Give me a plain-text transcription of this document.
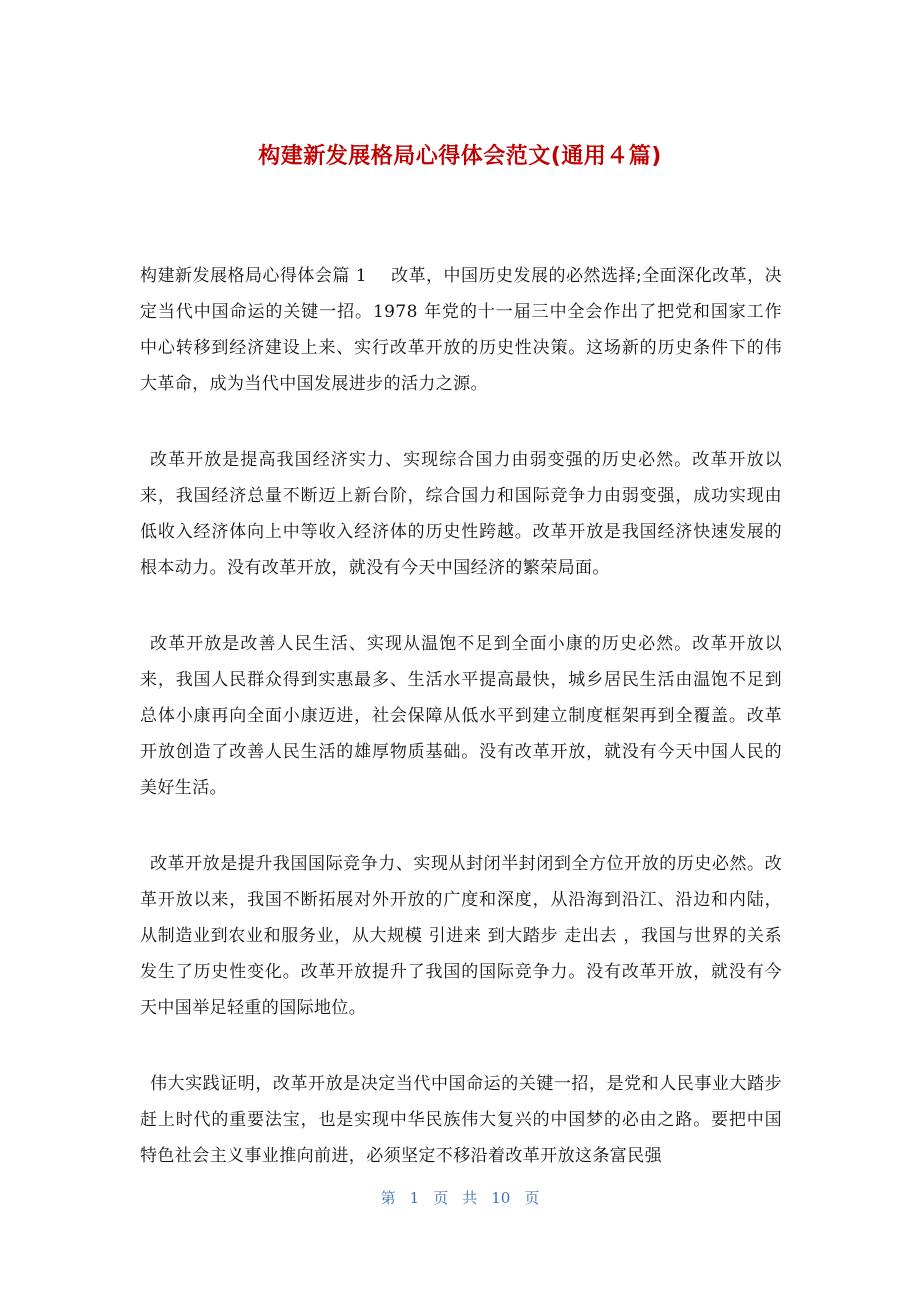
构建新发展格局心得体会范文(通用４篇)

构建新发展格局心得体会篇 1 改革，中国历史发展的必然选择;全面深化改革，决定当代中国命运的关键一招。1978 年党的十一届三中全会作出了把党和国家工作中心转移到经济建设上来、实行改革开放的历史性决策。这场新的历史条件下的伟大革命，成为当代中国发展进步的活力之源。

改革开放是提高我国经济实力、实现综合国力由弱变强的历史必然。改革开放以来，我国经济总量不断迈上新台阶，综合国力和国际竞争力由弱变强，成功实现由低收入经济体向上中等收入经济体的历史性跨越。改革开放是我国经济快速发展的根本动力。没有改革开放，就没有今天中国经济的繁荣局面。

改革开放是改善人民生活、实现从温饱不足到全面小康的历史必然。改革开放以来，我国人民群众得到实惠最多、生活水平提高最快，城乡居民生活由温饱不足到总体小康再向全面小康迈进，社会保障从低水平到建立制度框架再到全覆盖。改革开放创造了改善人民生活的雄厚物质基础。没有改革开放，就没有今天中国人民的美好生活。

改革开放是提升我国国际竞争力、实现从封闭半封闭到全方位开放的历史必然。改革开放以来，我国不断拓展对外开放的广度和深度，从沿海到沿江、沿边和内陆，从制造业到农业和服务业，从大规模 引进来 到大踏步 走出去 ，我国与世界的关系发生了历史性变化。改革开放提升了我国的国际竞争力。没有改革开放，就没有今天中国举足轻重的国际地位。

伟大实践证明，改革开放是决定当代中国命运的关键一招，是党和人民事业大踏步赶上时代的重要法宝，也是实现中华民族伟大复兴的中国梦的必由之路。要把中国特色社会主义事业推向前进，必须坚定不移沿着改革开放这条富民强

第 1 页 共 10 页
